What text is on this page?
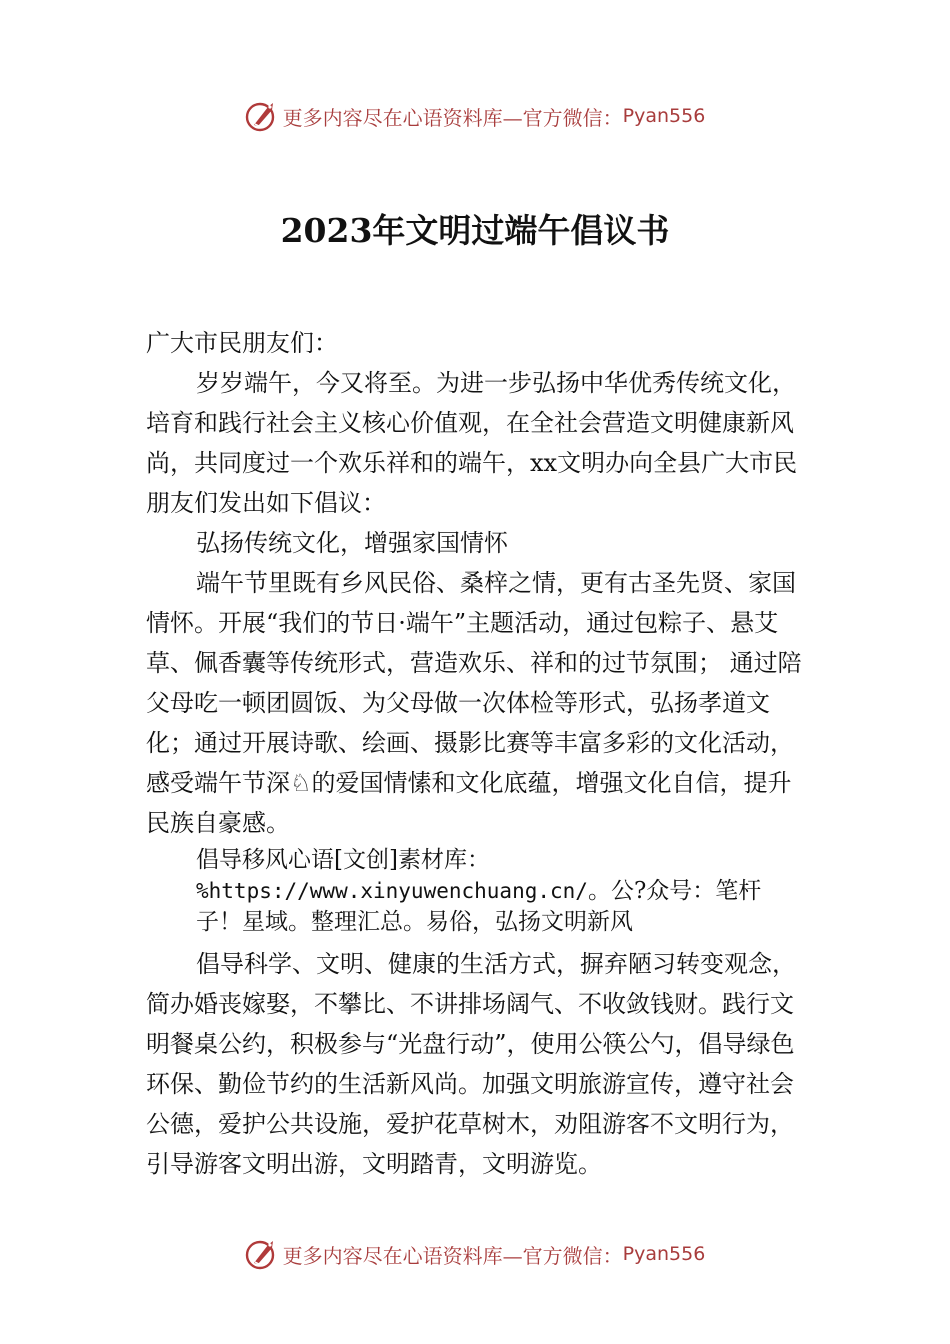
更多内容尽在心语资料库—官方微信： Pyan556
2023年文明过端午倡议书

广大市民朋友们：

岁岁端午，今又将至。为进一步弘扬中华优秀传统文化，培育和践行社会主义核心价值观，在全社会营造文明健康新风尚，共同度过一个欢乐祥和的端午，xx文明办向全县广大市民朋友们发出如下倡议：

弘扬传统文化，增强家国情怀

端午节里既有乡风民俗、桑梓之情，更有古圣先贤、家国情怀。开展“我们的节日·端午”主题活动，通过包粽子、悬艾草、佩香囊等传统形式，营造欢乐、祥和的过节氛围； 通过陪父母吃一顿团圆饭、为父母做一次体检等形式，弘扬孝道文化；通过开展诗歌、绘画、摄影比赛等丰富多彩的文化活动，感受端午节深♘的爱国情愫和文化底蕴，增强文化自信，提升民族自豪感。

倡导移风心语[文创]素材库：%https://www.xinyuwenchuang.cn/。公?众号：笔杆子！星域。整理汇总。易俗，弘扬文明新风

倡导科学、文明、健康的生活方式，摒弃陋习转变观念，简办婚丧嫁娶，不攀比、不讲排场阔气、不收敛钱财。践行文明餐桌公约，积极参与“光盘行动”，使用公筷公勺，倡导绿色环保、勤俭节约的生活新风尚。加强文明旅游宣传，遵守社会公德，爱护公共设施，爱护花草树木，劝阻游客不文明行为，引导游客文明出游，文明踏青，文明游览。

更多内容尽在心语资料库—官方微信： Pyan556
